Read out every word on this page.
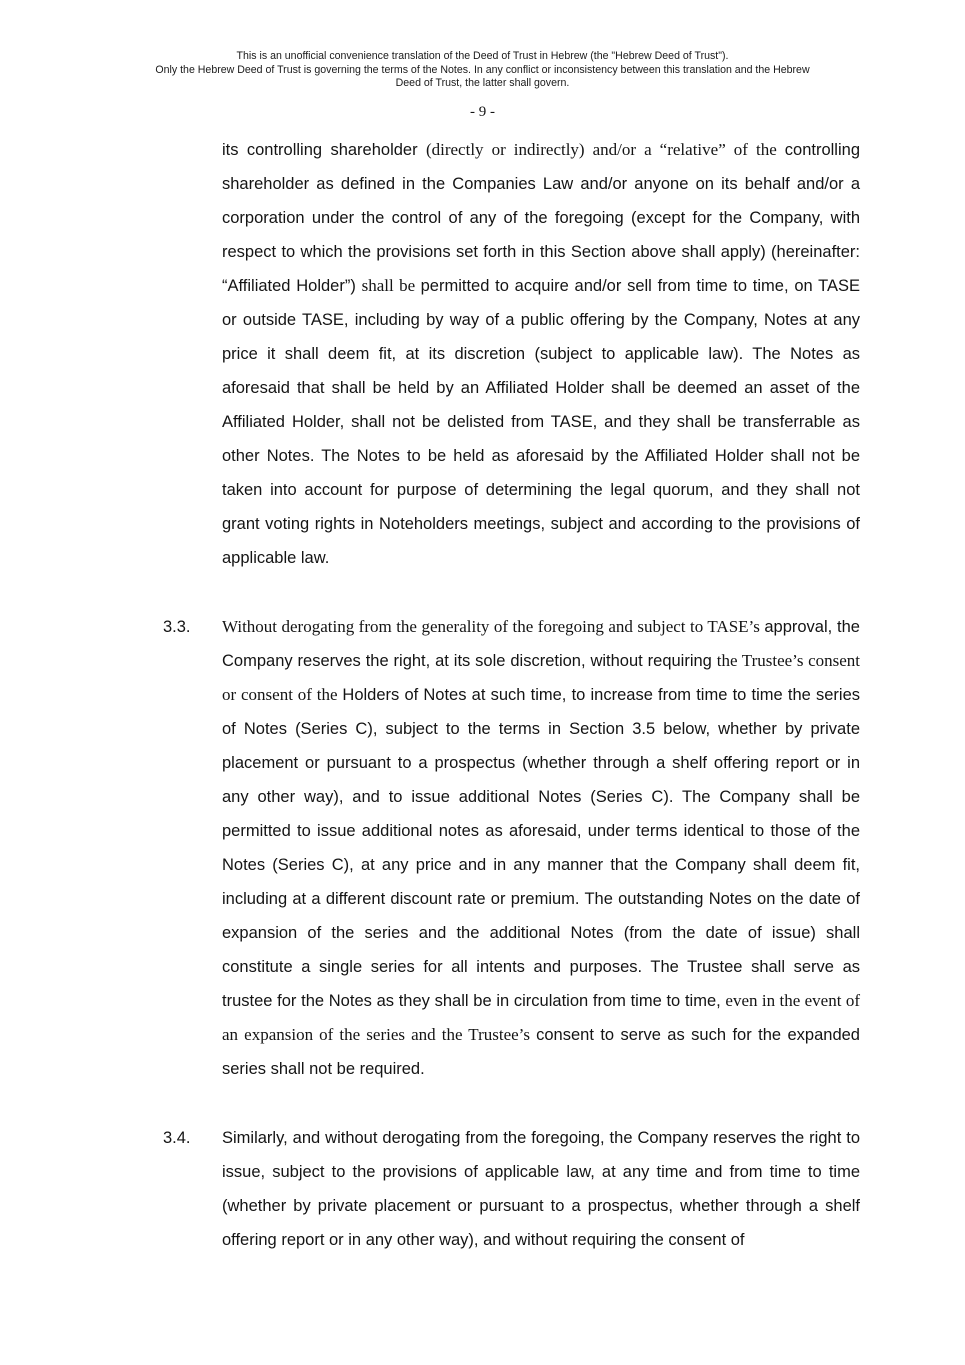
This is an unofficial convenience translation of the Deed of Trust in Hebrew (the "Hebrew Deed of Trust").
Only the Hebrew Deed of Trust is governing the terms of the Notes. In any conflict or inconsistency between this translation and the Hebrew
Deed of Trust, the latter shall govern.
- 9 -

its controlling shareholder (directly or indirectly) and/or a “relative” of the controlling shareholder as defined in the Companies Law and/or anyone on its behalf and/or a corporation under the control of any of the foregoing (except for the Company, with respect to which the provisions set forth in this Section above shall apply) (hereinafter: “Affiliated Holder”) shall be permitted to acquire and/or sell from time to time, on TASE or outside TASE, including by way of a public offering by the Company, Notes at any price it shall deem fit, at its discretion (subject to applicable law). The Notes as aforesaid that shall be held by an Affiliated Holder shall be deemed an asset of the Affiliated Holder, shall not be delisted from TASE, and they shall be transferrable as other Notes. The Notes to be held as aforesaid by the Affiliated Holder shall not be taken into account for purpose of determining the legal quorum, and they shall not grant voting rights in Noteholders meetings, subject and according to the provisions of applicable law.

3.3.	Without derogating from the generality of the foregoing and subject to TASE’s approval, the Company reserves the right, at its sole discretion, without requiring the Trustee’s consent or consent of the Holders of Notes at such time, to increase from time to time the series of Notes (Series C), subject to the terms in Section 3.5 below, whether by private placement or pursuant to a prospectus (whether through a shelf offering report or in any other way), and to issue additional Notes (Series C). The Company shall be permitted to issue additional notes as aforesaid, under terms identical to those of the Notes (Series C), at any price and in any manner that the Company shall deem fit, including at a different discount rate or premium. The outstanding Notes on the date of expansion of the series and the additional Notes (from the date of issue) shall constitute a single series for all intents and purposes. The Trustee shall serve as trustee for the Notes as they shall be in circulation from time to time, even in the event of an expansion of the series and the Trustee’s consent to serve as such for the expanded series shall not be required.
3.4.	Similarly, and without derogating from the foregoing, the Company reserves the right to issue, subject to the provisions of applicable law, at any time and from time to time (whether by private placement or pursuant to a prospectus, whether through a shelf offering report or in any other way), and without requiring the consent of
